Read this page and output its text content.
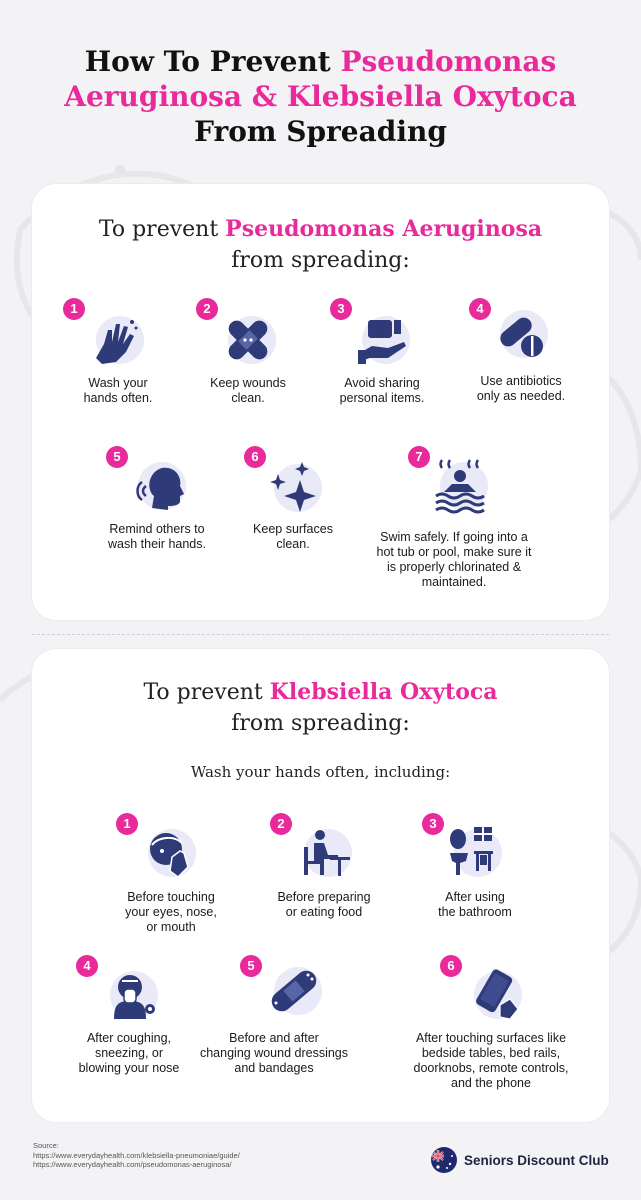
How To Prevent Pseudomonas
Aeruginosa & Klebsiella Oxytoca
From Spreading
To prevent Pseudomonas Aeruginosa
from spreading:
1
Wash your
hands often.
2
Keep wounds
clean.
3
Avoid sharing
personal items.
4
Use antibiotics
only as needed.
5
Remind others to
wash their hands.
6
Keep surfaces
clean.
7
Swim safely. If going into a
hot tub or pool, make sure it
is properly chlorinated &
maintained.
To prevent Klebsiella Oxytoca
from spreading:
Wash your hands often, including:
1
Before touching
your eyes, nose,
or mouth
2
Before preparing
or eating food
3
After using
the bathroom
4
After coughing,
sneezing, or
blowing your nose
5
Before and after
changing wound dressings
and bandages
6
After touching surfaces like
bedside tables, bed rails,
doorknobs, remote controls,
and the phone
Source:
https://www.everydayhealth.com/klebsiella-pneumoniae/guide/
https://www.everydayhealth.com/pseudomonas-aeruginosa/	Seniors Discount Club
